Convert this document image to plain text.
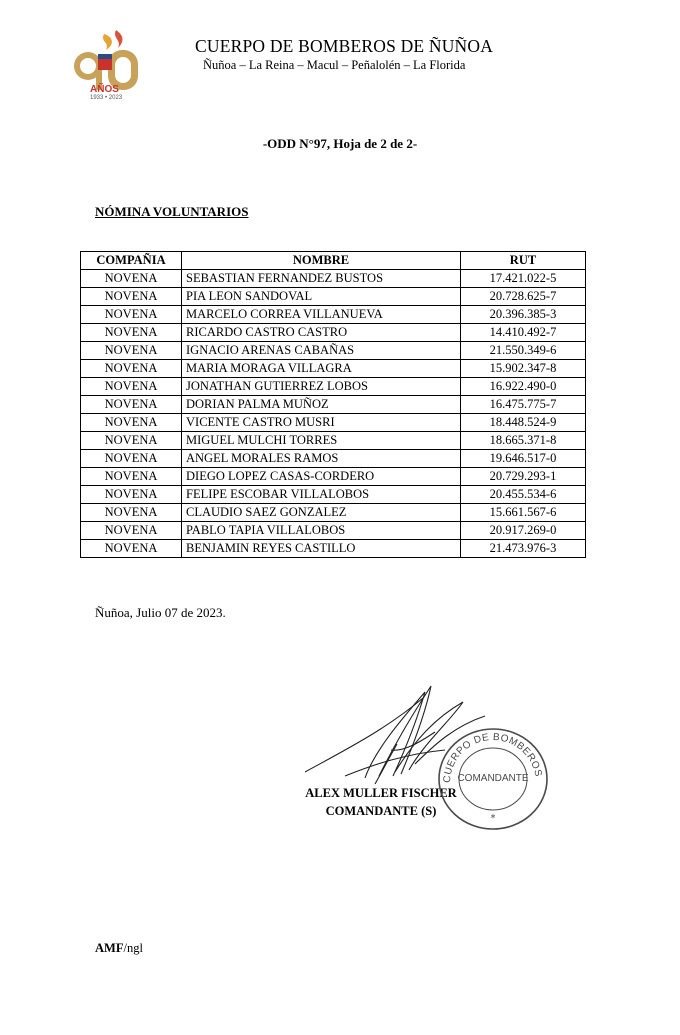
AÑOS
1933 • 2023
CUERPO DE BOMBEROS DE ÑUÑOA
Ñuñoa – La Reina – Macul – Peñalolén – La Florida
-ODD N°97, Hoja de 2 de 2-
NÓMINA VOLUNTARIOS
COMPAÑIA	NOMBRE	RUT
NOVENA	SEBASTIAN FERNANDEZ BUSTOS	17.421.022-5
NOVENA	PIA LEON SANDOVAL	20.728.625-7
NOVENA	MARCELO CORREA VILLANUEVA	20.396.385-3
NOVENA	RICARDO CASTRO CASTRO	14.410.492-7
NOVENA	IGNACIO ARENAS CABAÑAS	21.550.349-6
NOVENA	MARIA MORAGA VILLAGRA	15.902.347-8
NOVENA	JONATHAN GUTIERREZ LOBOS	16.922.490-0
NOVENA	DORIAN PALMA MUÑOZ	16.475.775-7
NOVENA	VICENTE CASTRO MUSRI	18.448.524-9
NOVENA	MIGUEL MULCHI TORRES	18.665.371-8
NOVENA	ANGEL MORALES RAMOS	19.646.517-0
NOVENA	DIEGO LOPEZ CASAS-CORDERO	20.729.293-1
NOVENA	FELIPE ESCOBAR VILLALOBOS	20.455.534-6
NOVENA	CLAUDIO SAEZ GONZALEZ	15.661.567-6
NOVENA	PABLO TAPIA VILLALOBOS	20.917.269-0
NOVENA	BENJAMIN REYES CASTILLO	21.473.976-3
Ñuñoa, Julio 07 de 2023.
ALEX MULLER FISCHER
COMANDANTE (S)
CUERPO DE BOMBEROS
COMANDANTE
*
AMF/ngl
